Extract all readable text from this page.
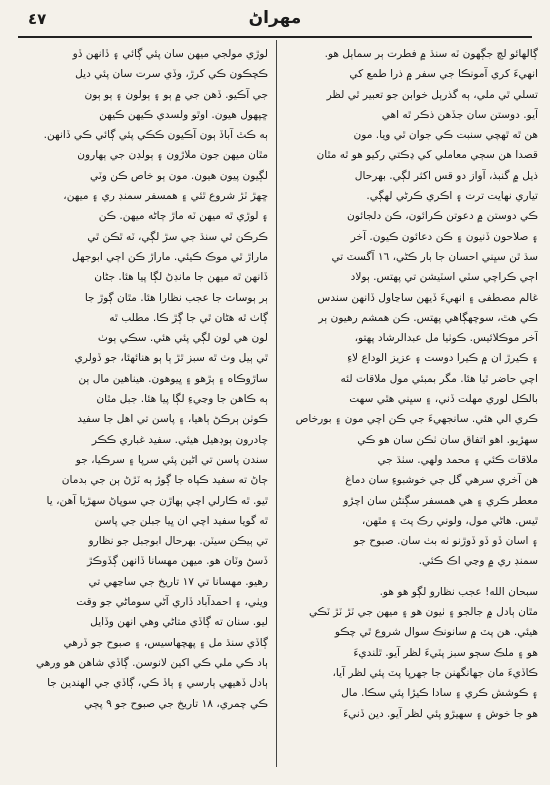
٤٧	مهراڻ
ڳالهائو لچ جڳهون ٽه سنڌ ۾ فطرت ٻر سماٻل هو.
انهيءَ کري آمونڪا جي سفر ۾ ذرا طمع کي
تسلي ٿي ملي، ٻه گذرٻل خوابن جو تعبير ٿي لظر
آيو. دوستن سان جڏهن ذڪر ٿه اهي
هن ٿه ٿهچي سنبت ڪي جوان ٿي ويا. مون
قصدا هن سڄي معاملي کي ڍڪتي رکيو هو ٿه مٿان
ذيل ۾ گنبذ، آواز دو قس اکثر لڳي. بهرحال
تياري نهايت ترت ۽ اڪري ڪرڻي لهڳي.
ڪي دوستن ۾ دعوتن ڪرائون، ڪن دلجائون
۽ صلاحون ڏنيون ۽ ڪن دعائون ڪيون. آخر
سڌ ٿن سڀني احسان جا بار ڪڻي، ١٦ آگسٽ تي
اڄي ڪراچي سٽي اسٽيشن تي پهتس. ٻولاد
غالم مصطفى ۽ انهيءَ ڏيهن ساڃاول ڏانهن سندس
ڪي هٿ، سوچهڳاهي پهتس. ڪن همشم رهيون ٻر
آخر موڪلائيس. ڪوٺيا مل عبدالرشاد پهتو،
۽ ڪيرڙ ان ۾ ڪيرا دوست ۽ عزيز الوداع لاءِ
اچي حاضر ٿيا هئا. مگر بمبئي مول ملاقات لئه
بالڪل لوري مهلت ڏني، ۽ سڀني هٿي سهت
ڪري الي هئي. سانجهيءَ جي ڪن اچي مون ۽ بورخاص
سهڙيو. اهو اتفاق سان ٺڪن سان هو ڪي
ملاقات ڪئي ۽ محمد ولهي. سٺڌ جي
هن آخري سرهي گل جي خوشبوءِ سان دماغ
معطر ڪري ۽ هي همسفر سڳنڻن سان اچڙو
ٿيس. هاڻي مول، ولوني رڪ پٽ ۽ مٿهن،
۽ اسان ڏو ڏو ڏوڙنو ٺه بٺ سان. صبوح جو
سمنڊ ري ۾ وڃي اڪ ڪئي.
سبحان الله! عجب نظارو لڳو هو هو.
مٿان ٻادل ۾ جالجو ۽ ٺيون هو ۽ ميهن جي ٽڙ ٽڙ ٽڪي
هيئي. هن پٽ ۾ سانونڪ سوال شروع ٿي چڪو
هو ۽ ملڪ سڄو سبز پٽيءَ لظر آيو. ٿلنديءَ
ڪاڏيءَ مان جهانگهنن جا جهرپا پٽ پئي لظر آيا،
۽ ڪوشش ڪري ۽ سادا ڪيڙا پئي سڪا. مال
هو جا خوش ۽ سهيڙو پئي لظر آيو. دين ڏنيءَ
لوڙي مولجي ميهن سان پئي ڳائي ۽ ڏانهن ڏو
ڪچڪون ڪي کرڙ، وڏي سرت سان پئي ديل
جي آڪيو. ڏهن جي ۾ ٻو ۽ ٻولون ۽ ٻو ٻون
ڇپهول هيون. اوٿو ولسدي ڪيهن ڪيهن
ٻه ڪٿ آباڏ ٻون آڪيون ڪڪي پئي ڳائي ڪي ڏانهن.
مٿان ميهن جون ملاڙون ۽ ٻولڊن جي ٻهارون
لڳيون پيون هيون. مون ٻو خاص ڪن وٽي
ڇهڙ ٽڙ شروع ٿئي ۽ همسفر سمنڊ ري ۽ ميهن،
۽ لوڙي ٿه ميهن ٽه ماڙ ڄاڻه ميهن. ڪن
ڪرڪن ٿي سنڌ جي سڙ لڳي، ٽه ٿڪن ٿي
ماراڙ ٿي موڪ ڪيئي. ماراڙ ڪن اڄي ابوجهل
ڏانهن ٿه ميهن جا مانڊڻ لڳا پيا هئا. جڻان
ٻر ٻوساٽ جا عجب نظارا هئا. مٿان ڳوڙ جا
ڳاٺ ٿه هڻان ٿي جا ڳڙ ڪا. مطلب ٿه
لون هي لون لڳي پئي هئي. سڪي ٻوٺ
ٿي ٻيل وٺ ٿه سبز ٿڙ ٻا ٻو هنائهئا، جو ڏولري
ساڙوڪاه ۽ ٻڙهو ۽ ڀيوهون. هيناهين مال ٻن
ٻه ڪاهن جا وڃيءِ لڳا پيا هئا. جبل مٿان
ڪوٺن ٻرڪڻ ٻاهيا، ۽ پاسن تي اهل جا سفيد
چادرون ٻوڊهيل هيئي. سفيد غباري ڪڪر
سندن پاسن تي اڻين پئي سرپا ۽ سرڪيا، جو
ڄاڻ ته سفيد ڪپاه جا ڳوڙ ٻه ٽڙڻ ٻن جي بدمان
ٿيو. ٿه ڪارلي اچي ٻهاڙن جي سوپاڻ سهڙيا آهن، يا
ٿه گويا سفيد اچي ان ڀيا جبلن جي پاسن
تي ٻيڪن سيٽن. بهرحال ابوجبل جو نظارو
ڏسڻ وٽان هو. ميهن مهسانا ڏانهن ڳڏوڪڙ
رهيو. مهسانا تي ١٧ تاريخ جي ساڃهي تي
ويٺي، ۽ احمدآباد ڏاري آڻي سوماڻي جو وقت
ليو. سنان ته ڳاڏي متاڻي وهي انهن وڏايل
ڳاڏي سنڌ مل ۽ پهچهاسيس، ۽ صبوح جو ڏرهي
ٻاد ڪي ملي ڪي اکين لانوسن. ڳاڏي شاهن هو ورهي
ٻادل ڏهيهي ٻارسي ۽ ٻاڏ ڪي، ڳاڏي جي الهندين جا
ڪي چمري، ١٨ تاريخ جي صبوح جو ٩ پڄي
